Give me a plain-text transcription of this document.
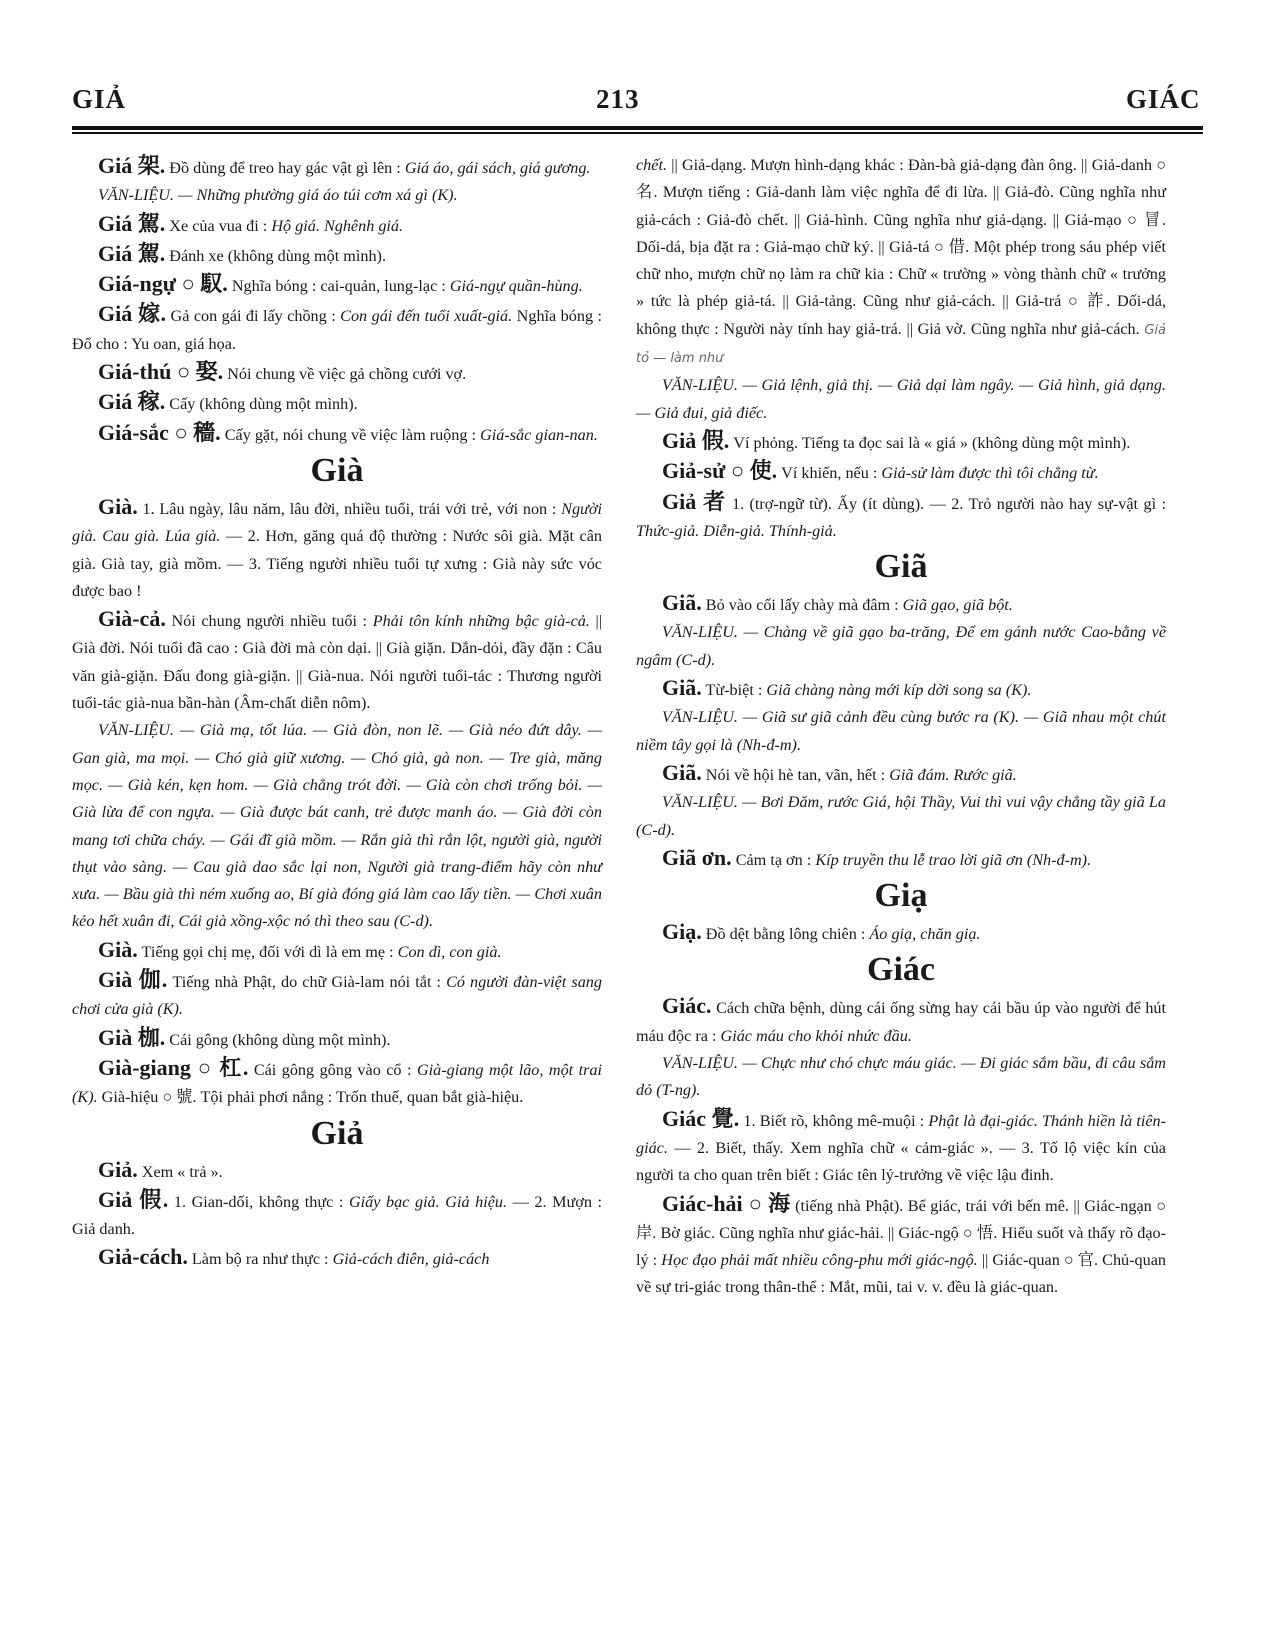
GIẢ	213	GIÁC

Giá 架. Đồ dùng để treo hay gác vật gì lên : Giá áo, gái sách, giá gương.

VĂN-LIỆU. — Những phường giá áo túi cơm xá gì (K).

Giá 駕. Xe của vua đi : Hộ giá. Nghênh giá.

Giá 駕. Đánh xe (không dùng một mình).

Giá-ngự ○ 馭. Nghĩa bóng : cai-quản, lung-lạc : Giá-ngự quần-hùng.

Giá 嫁. Gả con gái đi lấy chồng : Con gái đến tuổi xuất-giá. Nghĩa bóng : Đổ cho : Yu oan, giá họa.

Giá-thú ○ 娶. Nói chung về việc gả chồng cưới vợ.

Giá 稼. Cấy (không dùng một mình).

Giá-sắc ○ 穡. Cấy gặt, nói chung về việc làm ruộng : Giá-sắc gian-nan.

Già

Già. 1. Lâu ngày, lâu năm, lâu đời, nhiều tuổi, trái với trẻ, với non : Người già. Cau già. Lúa già. — 2. Hơn, găng quá độ thường : Nước sôi già. Mặt cân già. Già tay, già mồm. — 3. Tiếng người nhiều tuổi tự xưng : Già này sức vóc được bao !

Già-cả. Nói chung người nhiều tuổi : Phải tôn kính những bậc già-cả. || Già đời. Nói tuổi đã cao : Già đời mà còn dại. || Già giặn. Dắn-dỏi, đầy đặn : Câu văn già-giặn. Đấu đong già-giặn. || Già-nua. Nói người tuổi-tác : Thương người tuổi-tác già-nua bần-hàn (Âm-chất diễn nôm).

VĂN-LIỆU. — Già mạ, tốt lúa. — Già đòn, non lẽ. — Già néo đứt dây. — Gan già, ma mọi. — Chó già giữ xương. — Chó già, gà non. — Tre già, măng mọc. — Già kén, kẹn hom. — Già chẳng trót đời. — Già còn chơi trống bỏi. — Già lừa để con ngựa. — Già được bát canh, trẻ được manh áo. — Già đời còn mang tơi chữa cháy. — Gái đĩ già mồm. — Rắn già thì rắn lột, người già, người thụt vào sàng. — Cau già dao sắc lại non, Người già trang-điểm hãy còn như xưa. — Bầu già thì ném xuống ao, Bí già đóng giá làm cao lấy tiền. — Chơi xuân kẻo hết xuân đi, Cái già xồng-xộc nó thì theo sau (C-d).

Già. Tiếng gọi chị mẹ, đối với dì là em mẹ : Con dì, con già.

Già 伽. Tiếng nhà Phật, do chữ Già-lam nói tắt : Có người đàn-việt sang chơi cửa già (K).

Già 枷. Cái gông (không dùng một mình).

Già-giang ○ 杠. Cái gông gông vào cổ : Già-giang một lão, một trai (K). Già-hiệu ○ 號. Tội phải phơi nắng : Trốn thuế, quan bắt già-hiệu.

Giả

Giả. Xem « trả ».

Giả 假. 1. Gian-dối, không thực : Giấy bạc giả. Giả hiệu. — 2. Mượn : Giả danh.

Giả-cách. Làm bộ ra như thực : Giả-cách điên, giả-cách

chết. || Giả-dạng. Mượn hình-dạng khác : Đàn-bà giả-dạng đàn ông. || Giả-danh ○ 名. Mượn tiếng : Giả-danh làm việc nghĩa để đi lừa. || Giả-đò. Cũng nghĩa như giả-cách : Giả-đò chết. || Giả-hình. Cũng nghĩa như giả-dạng. || Giả-mạo ○ 冒. Dối-dá, bịa đặt ra : Giả-mạo chữ ký. || Giả-tá ○ 借. Một phép trong sáu phép viết chữ nho, mượn chữ nọ làm ra chữ kia : Chữ « trường » vòng thành chữ « trưởng » tức là phép giả-tá. || Giả-tảng. Cũng như giả-cách. || Giả-trá ○ 詐. Dối-dá, không thực : Người này tính hay giả-trá. || Giả vờ. Cũng nghĩa như giả-cách. Giả tỏ — làm như

VĂN-LIỆU. — Giả lệnh, giả thị. — Giả dại làm ngây. — Giả hình, giả dạng. — Giả đui, giả điếc.

Giả 假. Ví phỏng. Tiếng ta đọc sai là « giá » (không dùng một mình).

Giả-sử ○ 使. Ví khiến, nếu : Giả-sử làm được thì tôi chẳng từ.

Giả 者 1. (trợ-ngữ từ). Ấy (ít dùng). — 2. Trỏ người nào hay sự-vật gì : Thức-giả. Diễn-giả. Thính-giả.

Giã

Giã. Bỏ vào cối lấy chày mà đâm : Giã gạo, giã bột.

VĂN-LIỆU. — Chàng về giã gạo ba-trăng, Để em gánh nước Cao-bằng về ngâm (C-d).

Giã. Từ-biệt : Giã chàng nàng mới kíp dời song sa (K).

VĂN-LIỆU. — Giã sư giã cảnh đều cùng bước ra (K). — Giã nhau một chút niềm tây gọi là (Nh-đ-m).

Giã. Nói về hội hè tan, vãn, hết : Giã đám. Rước giã.

VĂN-LIỆU. — Bơi Đăm, rước Giá, hội Thầy, Vui thì vui vậy chẳng tầy giã La (C-d).

Giã ơn. Cảm tạ ơn : Kíp truyền thu lễ trao lời giã ơn (Nh-đ-m).

Giạ

Giạ. Đồ dệt bằng lông chiên : Áo giạ, chăn giạ.

Giác

Giác. Cách chữa bệnh, dùng cái ống sừng hay cái bầu úp vào người để hút máu độc ra : Giác máu cho khỏi nhức đầu.

VĂN-LIỆU. — Chực như chó chực máu giác. — Đi giác sắm bầu, đi câu sắm dỏ (T-ng).

Giác 覺. 1. Biết rõ, không mê-muội : Phật là đại-giác. Thánh hiền là tiên-giác. — 2. Biết, thấy. Xem nghĩa chữ « cảm-giác ». — 3. Tố lộ việc kín của người ta cho quan trên biết : Giác tên lý-trưởng về việc lậu đinh.

Giác-hải ○ 海 (tiếng nhà Phật). Bể giác, trái với bến mê. || Giác-ngạn ○ 岸. Bờ giác. Cũng nghĩa như giác-hải. || Giác-ngộ ○ 悟. Hiểu suốt và thấy rõ đạo-lý : Học đạo phải mất nhiều công-phu mới giác-ngộ. || Giác-quan ○ 官. Chủ-quan về sự tri-giác trong thân-thể : Mắt, mũi, tai v. v. đều là giác-quan.
